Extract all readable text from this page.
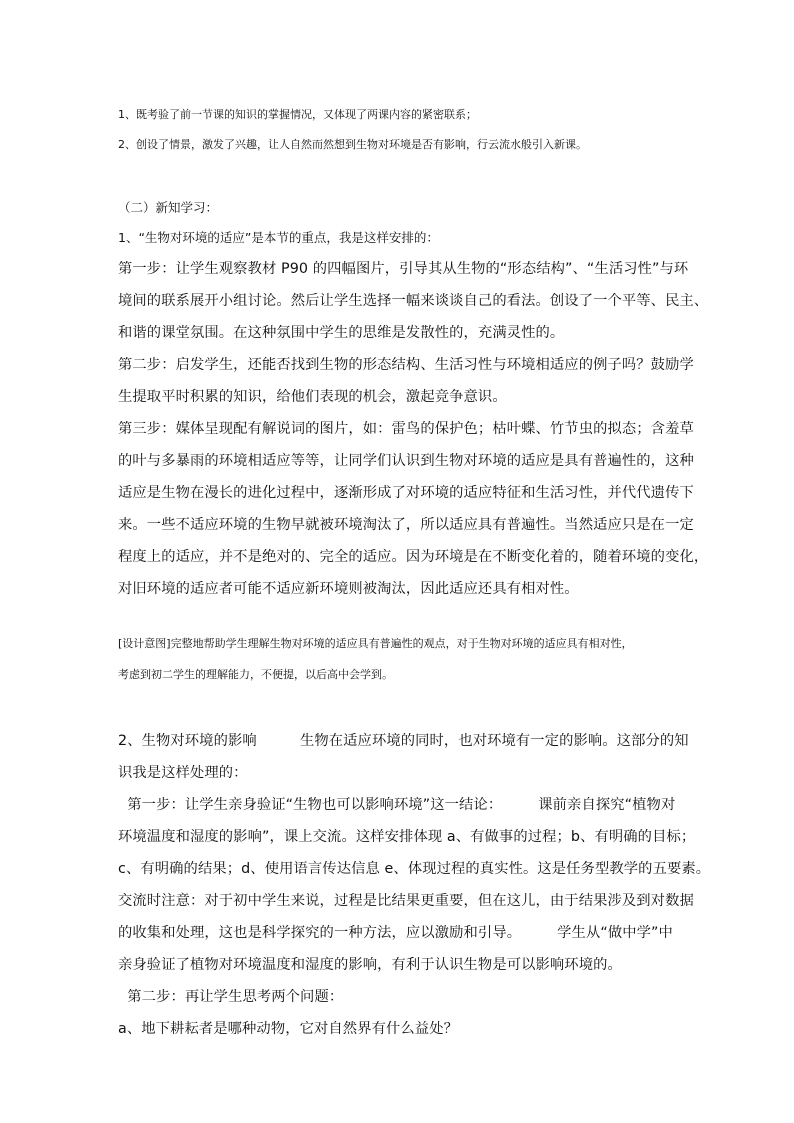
1、既考验了前一节课的知识的掌握情况，又体现了两课内容的紧密联系；

2、创设了情景，激发了兴趣，让人自然而然想到生物对环境是否有影响，行云流水般引入新课。

（二）新知学习：

1、“生物对环境的适应”是本节的重点，我是这样安排的：

第一步：让学生观察教材 P90 的四幅图片，引导其从生物的“形态结构”、“生活习性”与环

境间的联系展开小组讨论。然后让学生选择一幅来谈谈自己的看法。创设了一个平等、民主、

和谐的课堂氛围。在这种氛围中学生的思维是发散性的，充满灵性的。

第二步：启发学生，还能否找到生物的形态结构、生活习性与环境相适应的例子吗？鼓励学

生提取平时积累的知识，给他们表现的机会，激起竞争意识。

第三步：媒体呈现配有解说词的图片，如：雷鸟的保护色；枯叶蝶、竹节虫的拟态；含羞草

的叶与多暴雨的环境相适应等等，让同学们认识到生物对环境的适应是具有普遍性的，这种

适应是生物在漫长的进化过程中，逐渐形成了对环境的适应特征和生活习性，并代代遗传下

来。一些不适应环境的生物早就被环境淘汰了，所以适应具有普遍性。当然适应只是在一定

程度上的适应，并不是绝对的、完全的适应。因为环境是在不断变化着的，随着环境的变化，

对旧环境的适应者可能不适应新环境则被淘汰，因此适应还具有相对性。

[设计意图]完整地帮助学生理解生物对环境的适应具有普遍性的观点，对于生物对环境的适应具有相对性，

考虑到初二学生的理解能力，不便提，以后高中会学到。

2、生物对环境的影响　　　生物在适应环境的同时，也对环境有一定的影响。这部分的知

识我是这样处理的：

第一步：让学生亲身验证“生物也可以影响环境”这一结论：　　　课前亲自探究“植物对

环境温度和湿度的影响”，课上交流。这样安排体现 a、有做事的过程；b、有明确的目标；

c、有明确的结果；d、使用语言传达信息 e、体现过程的真实性。这是任务型教学的五要素。

交流时注意：对于初中学生来说，过程是比结果更重要，但在这儿，由于结果涉及到对数据

的收集和处理，这也是科学探究的一种方法，应以激励和引导。　　　学生从“做中学”中

亲身验证了植物对环境温度和湿度的影响，有利于认识生物是可以影响环境的。

第二步：再让学生思考两个问题：

a、地下耕耘者是哪种动物，它对自然界有什么益处？
